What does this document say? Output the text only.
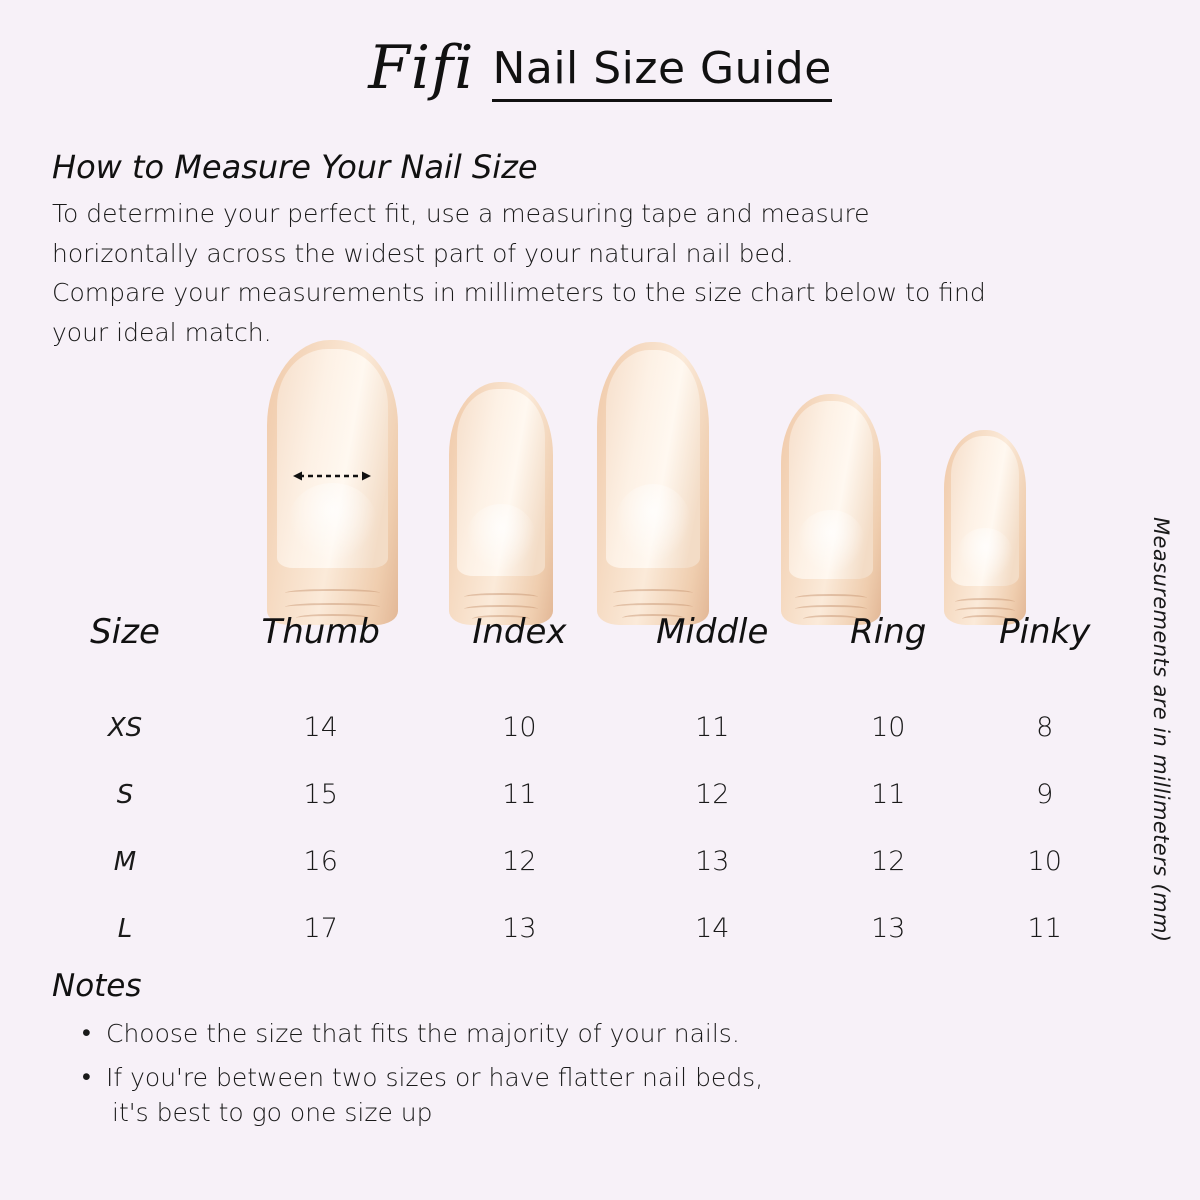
Fifi Nail Size Guide
How to Measure Your Nail Size

To determine your perfect fit, use a measuring tape and measure

horizontally across the widest part of your natural nail bed.

Compare your measurements in millimeters to the size chart below to find

your ideal match.

Size	Thumb	Index	Middle	Ring	Pinky
XS	14	10	11	10	8
S	15	11	12	11	9
M	16	12	13	12	10
L	17	13	14	13	11	Measurements are in millimeters (mm)
Notes
• Choose the size that fits the majority of your nails.
• If you're between two sizes or have flatter nail beds,
it's best to go one size up
